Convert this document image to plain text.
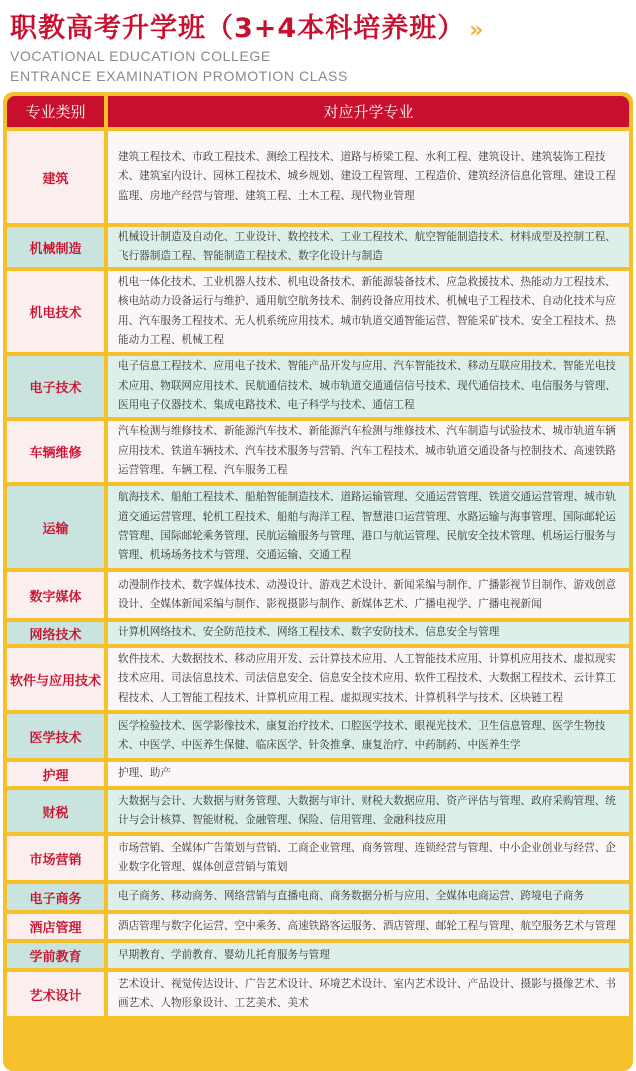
职教高考升学班（3+4本科培养班） »
VOCATIONAL EDUCATION COLLEGE
ENTRANCE EXAMINATION PROMOTION CLASS
专业类别	对应升学专业
建筑
建筑工程技术、市政工程技术、测绘工程技术、道路与桥梁工程、水利工程、建筑设计、建筑装饰工程技术、建筑室内设计、园林工程技术、城乡规划、建设工程管理、工程造价、建筑经济信息化管理、建设工程监理、房地产经营与管理、建筑工程、土木工程、现代物业管理
机械制造
机械设计制造及自动化、工业设计、数控技术、工业工程技术、航空智能制造技术、材料成型及控制工程、飞行器制造工程、智能制造工程技术、数字化设计与制造
机电技术
机电一体化技术、工业机器人技术、机电设备技术、新能源装备技术、应急救援技术、热能动力工程技术、核电站动力设备运行与维护、通用航空航务技术、制药设备应用技术、机械电子工程技术、自动化技术与应用、汽车服务工程技术、无人机系统应用技术、城市轨道交通智能运营、智能采矿技术、安全工程技术、热能动力工程、机械工程
电子技术
电子信息工程技术、应用电子技术、智能产品开发与应用、汽车智能技术、移动互联应用技术、智能光电技术应用、物联网应用技术、民航通信技术、城市轨道交通通信信号技术、现代通信技术、电信服务与管理、医用电子仪器技术、集成电路技术、电子科学与技术、通信工程
车辆维修
汽车检测与维修技术、新能源汽车技术、新能源汽车检测与维修技术、汽车制造与试验技术、城市轨道车辆应用技术、铁道车辆技术、汽车技术服务与营销、汽车工程技术、城市轨道交通设备与控制技术、高速铁路运营管理、车辆工程、汽车服务工程
运输
航海技术、船舶工程技术、船舶智能制造技术、道路运输管理、交通运营管理、铁道交通运营管理、城市轨道交通运营管理、轮机工程技术、船舶与海洋工程、智慧港口运营管理、水路运输与海事管理、国际邮轮运营管理、国际邮轮乘务管理、民航运输服务与管理、港口与航运管理、民航安全技术管理、机场运行服务与管理、机场场务技术与管理、交通运输、交通工程
数字媒体
动漫制作技术、数字媒体技术、动漫设计、游戏艺术设计、新闻采编与制作、广播影视节目制作、游戏创意设计、全媒体新闻采编与制作、影视摄影与制作、新媒体艺术、广播电视学、广播电视新闻
网络技术	计算机网络技术、安全防范技术、网络工程技术、数字安防技术、信息安全与管理
软件与应用技术
软件技术、大数据技术、移动应用开发、云计算技术应用、人工智能技术应用、计算机应用技术、虚拟现实技术应用、司法信息技术、司法信息安全、信息安全技术应用、软件工程技术、大数据工程技术、云计算工程技术、人工智能工程技术、计算机应用工程、虚拟现实技术、计算机科学与技术、区块链工程
医学技术
医学检验技术、医学影像技术、康复治疗技术、口腔医学技术、眼视光技术、卫生信息管理、医学生物技术、中医学、中医养生保健、临床医学、针灸推拿、康复治疗、中药制药、中医养生学
护理	护理、助产
财税
大数据与会计、大数据与财务管理、大数据与审计、财税大数据应用、资产评估与管理、政府采购管理、统计与会计核算、智能财税、金融管理、保险、信用管理、金融科技应用
市场营销
市场营销、全媒体广告策划与营销、工商企业管理、商务管理、连锁经营与管理、中小企业创业与经营、企业数字化管理、媒体创意营销与策划
电子商务	电子商务、移动商务、网络营销与直播电商、商务数据分析与应用、全媒体电商运营、跨境电子商务
酒店管理	酒店管理与数字化运营、空中乘务、高速铁路客运服务、酒店管理、邮轮工程与管理、航空服务艺术与管理
学前教育	早期教育、学前教育、婴幼儿托育服务与管理
艺术设计
艺术设计、视觉传达设计、广告艺术设计、环境艺术设计、室内艺术设计、产品设计、摄影与摄像艺术、书画艺术、人物形象设计、工艺美术、美术
